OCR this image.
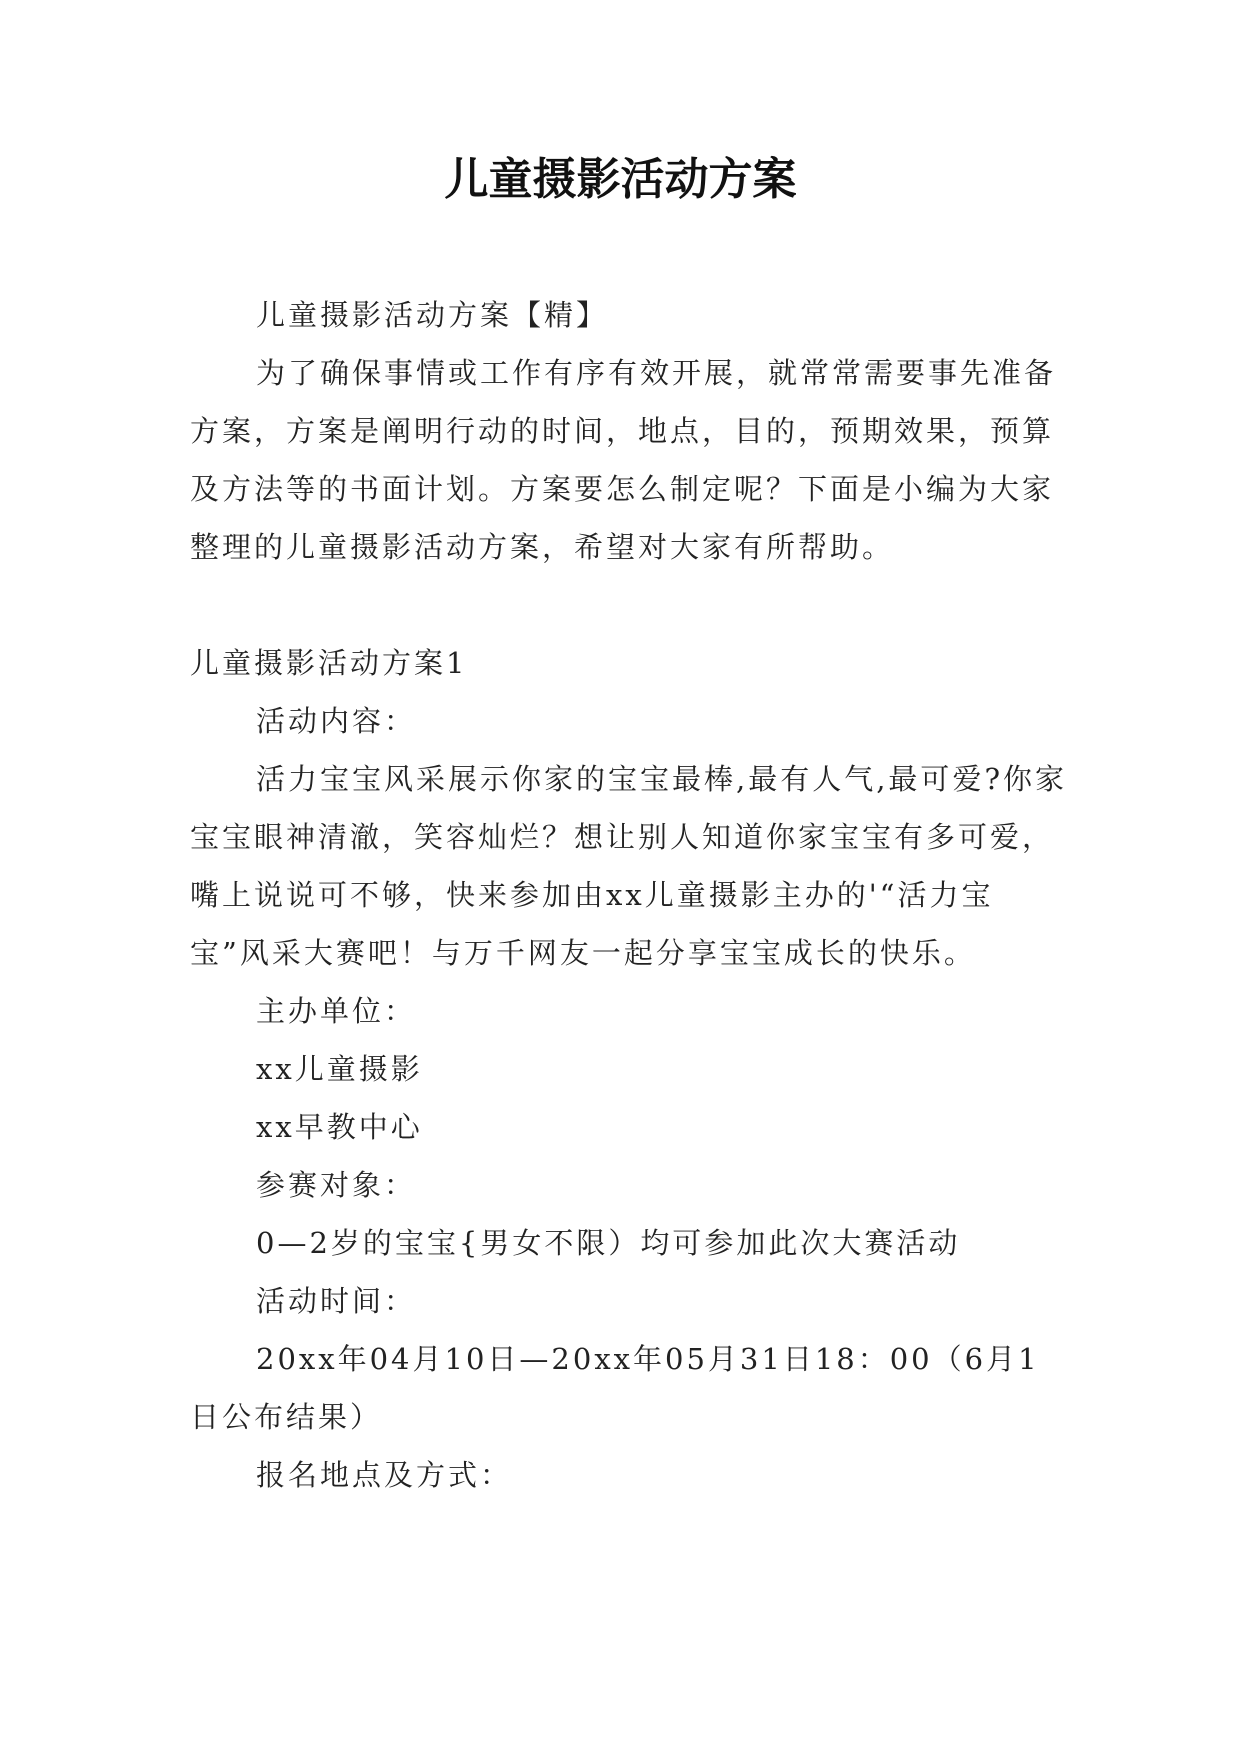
儿童摄影活动方案

儿童摄影活动方案【精】

为了确保事情或工作有序有效开展，就常常需要事先准备方案，方案是阐明行动的时间，地点，目的，预期效果，预算及方法等的书面计划。方案要怎么制定呢？下面是小编为大家整理的儿童摄影活动方案，希望对大家有所帮助。

儿童摄影活动方案1

活动内容：

活力宝宝风采展示你家的宝宝最棒,最有人气,最可爱?你家宝宝眼神清澈，笑容灿烂？想让别人知道你家宝宝有多可爱，嘴上说说可不够，快来参加由xx儿童摄影主办的'“活力宝宝”风采大赛吧！与万千网友一起分享宝宝成长的快乐。

主办单位：

xx儿童摄影

xx早教中心

参赛对象：

0—2岁的宝宝{男女不限）均可参加此次大赛活动

活动时间：

20xx年04月10日—20xx年05月31日18：00（6月1日公布结果）

报名地点及方式：
